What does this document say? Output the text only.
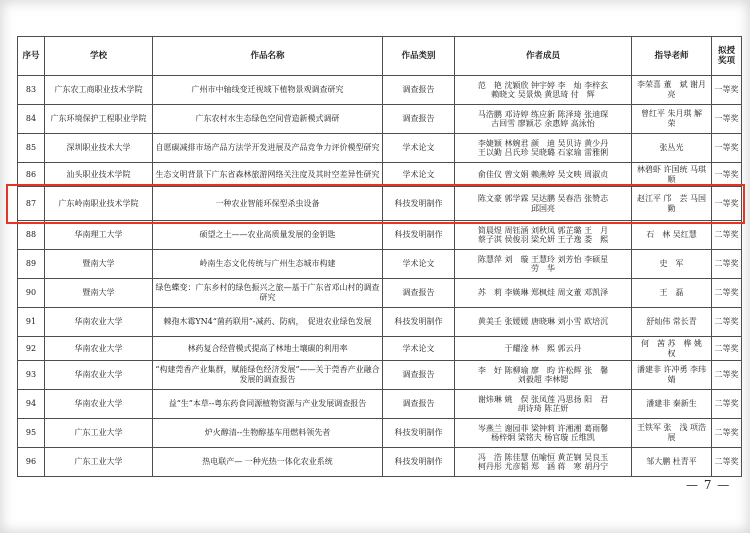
序号	学校	作品名称	作品类别	作者成员	指导老师	拟授奖项
83	广东农工商职业技术学院	广州市中轴线变迁视域下植物景观调查研究	调查报告	范　艳 沈颖欣 钟宇婷 李　灿 李梓玄
赖晓文 吴景焕 黄思琦 付　辉	李荣喜 董　斌 谢月亮	一等奖
84	广东环境保护工程职业学院	广东农村水生态绿色空间营造新模式调研	调查报告	马浩鹏 邓诗婷 练应新 陈泽琦 张迪琛
古回雪 廖颖芯 余惠婷 高泳怡	曾红平 朱月琪 解　荣	一等奖
85	深圳职业技术大学	自愿碳减排市场产品方法学开发进展及产品竞争力评价模型研究	学术论文	李婕颖 林婉君 颜　迪 吴贝诗 黄少丹
王以勤 吕氏珍 吴晓璐 石家瑜 雷雅俐	张丛光	一等奖
86	汕头职业技术学院	生态文明背景下广东省森林旅游网络关注度及其时空差异性研究	学术论文	俞佳仪 曾文娟 赖燕婷 吴文映 周淑贞	林碧虾 许国统 马琪顺	一等奖
87	广东岭南职业技术学院	一种农业智能环保型杀虫设备	科技发明制作	陈文豪 郭学霖 吴达鹏 吴春浩 张赞志
邱国亮	赵江平 邝　芸 马国勤	一等奖
88	华南理工大学	硕望之土——农业高质量发展的金钥匙	科技发明制作	简晨煜 周钰涵 刘秋凤 郭芷璐 王　月
蔡子淇 侯俊羽 梁允妍 王子逸 娄　熙	石　林 吴红慧	二等奖
89	暨南大学	岭南生态文化传统与广州生态城市构建	学术论文	陈慧萍 刘　璇 王慧玲 刘芳怡 李硕星
劳　华	史　军	二等奖
90	暨南大学	绿色蝶变：广东乡村的绿色振兴之旅—基于广东省邓山村的调查研究	调查报告	苏　莉 李媖琳 郑枫烓 周文董 邓凯泽	王　磊	二等奖
91	华南农业大学	棘孢木霉YN4“菌药联用”-减药、防病，　促进农业绿色发展	科技发明制作	黄美壬 张媛媛 唐晓琳 刘小雪 欧培沉	舒灿伟 常长青	二等奖
92	华南农业大学	林药复合经营模式提高了林地土壤碳的利用率	学术论文	于耀淦 林　熙 郭云丹	何　茜 苏　桦 姚　权	二等奖
93	华南农业大学	“构建莞香产业集群，赋能绿色经济发展”——关于莞香产业融合发展的调查报告	调查报告	李　好 陈柳瑜 廖　昀 许松辉 张　馨
刘毅超 李林锶	潘建非 许冲勇 李玮婧	二等奖
94	华南农业大学	益“生”本草--粤东药食同源植物资源与产业发展调查报告	调查报告	谢炜琳 姚　俣 张凤莲 冯思扬 阳　君
胡诗琦 陈芷妍	潘建非 秦新生	二等奖
95	广东工业大学	炉火醇清--生物醇基车用燃料领先者	科技发明制作	岑燕兰 谢园菲 梁钟莉 许湘湘 葛雨馨
杨梓炯 梁铭夫 杨官璇 丘维凯	王铁军 张　浅 项浩展	二等奖
96	广东工业大学	热电联产— 一种光热一体化农业系统	科技发明制作	冯　浩 陈佳慧 伍喻恒 黄芷锎 吴良玉
柯丹彤 尤彦韬 郑　涵 蒋　寒 胡丹宁	邹大鹏 杜青平	二等奖
— 7 —
